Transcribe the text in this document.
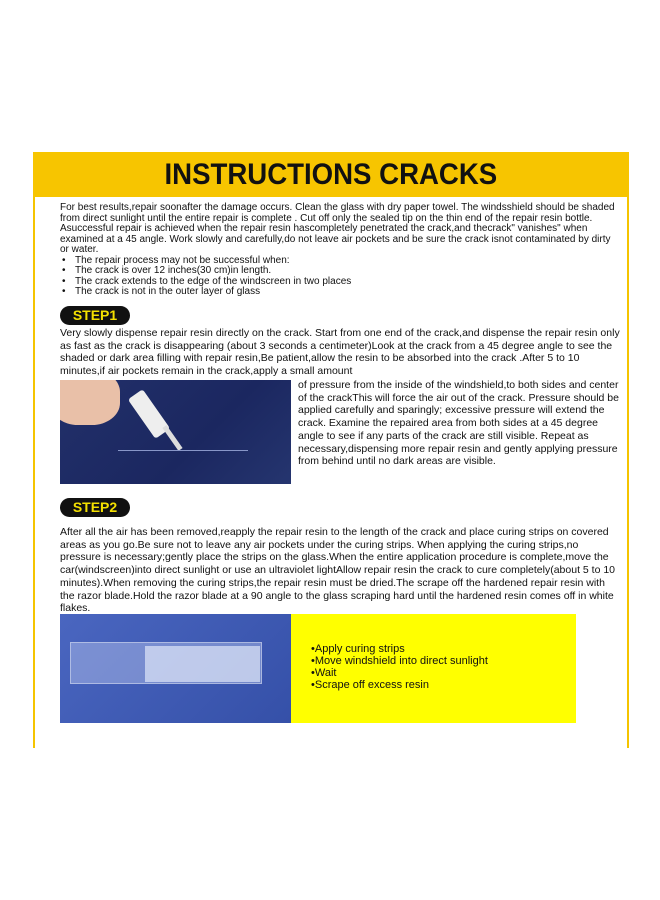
INSTRUCTIONS CRACKS
For best results,repair soonafter the damage occurs. Clean the glass with dry paper towel. The windsshield should be shaded from direct sunlight until the entire repair is complete . Cut off only the sealed tip on the thin end of the repair resin bottle. Asuccessful repair is achieved when the repair resin hascompletely penetrated the crack,and thecrack" vanishes" when examined at a 45 angle. Work slowly and carefully,do not leave air pockets and be sure the crack isnot contaminated by dirty or water.
• The repair process may not be successful when:
• The crack is over 12 inches(30 cm)in length.
• The crack extends to the edge of the windscreen in two places
• The crack is not in the outer layer of glass
STEP1
Very slowly dispense repair resin directly on the crack. Start from one end of the crack,and dispense the repair resin only as fast as the crack is disappearing (about 3 seconds a centimeter)Look at the crack from a 45 degree angle to see the shaded or dark area filling with repair resin,Be patient,allow the resin to be absorbed into the crack .After 5 to 10 minutes,if air pockets remain in the crack,apply a small amount
of pressure from the inside of the windshield,to both sides and center of the crackThis will force the air out of the crack. Pressure should be applied carefully and sparingly; excessive pressure will extend the crack. Examine the repaired area from both sides at a 45 degree angle to see if any parts of the crack are still visible. Repeat as necessary,dispensing more repair resin and gently applying pressure from behind until no dark areas are visible.
STEP2
After all the air has been removed,reapply the repair resin to the length of the crack and place curing strips on covered areas as you go.Be sure not to leave any air pockets under the curing strips. When applying the curing strips,no pressure is necessary;gently place the strips on the glass.When the entire application procedure is complete,move the car(windscreen)into direct sunlight or use an ultraviolet lightAllow repair resin the crack to cure completely(about 5 to 10 minutes).When removing the curing strips,the repair resin must be dried.The scrape off the hardened repair resin with the razor blade.Hold the razor blade at a 90 angle to the glass scraping hard until the hardened resin comes off in white flakes.
• Apply curing strips
• Move windshield into direct sunlight
• Wait
• Scrape off excess resin
